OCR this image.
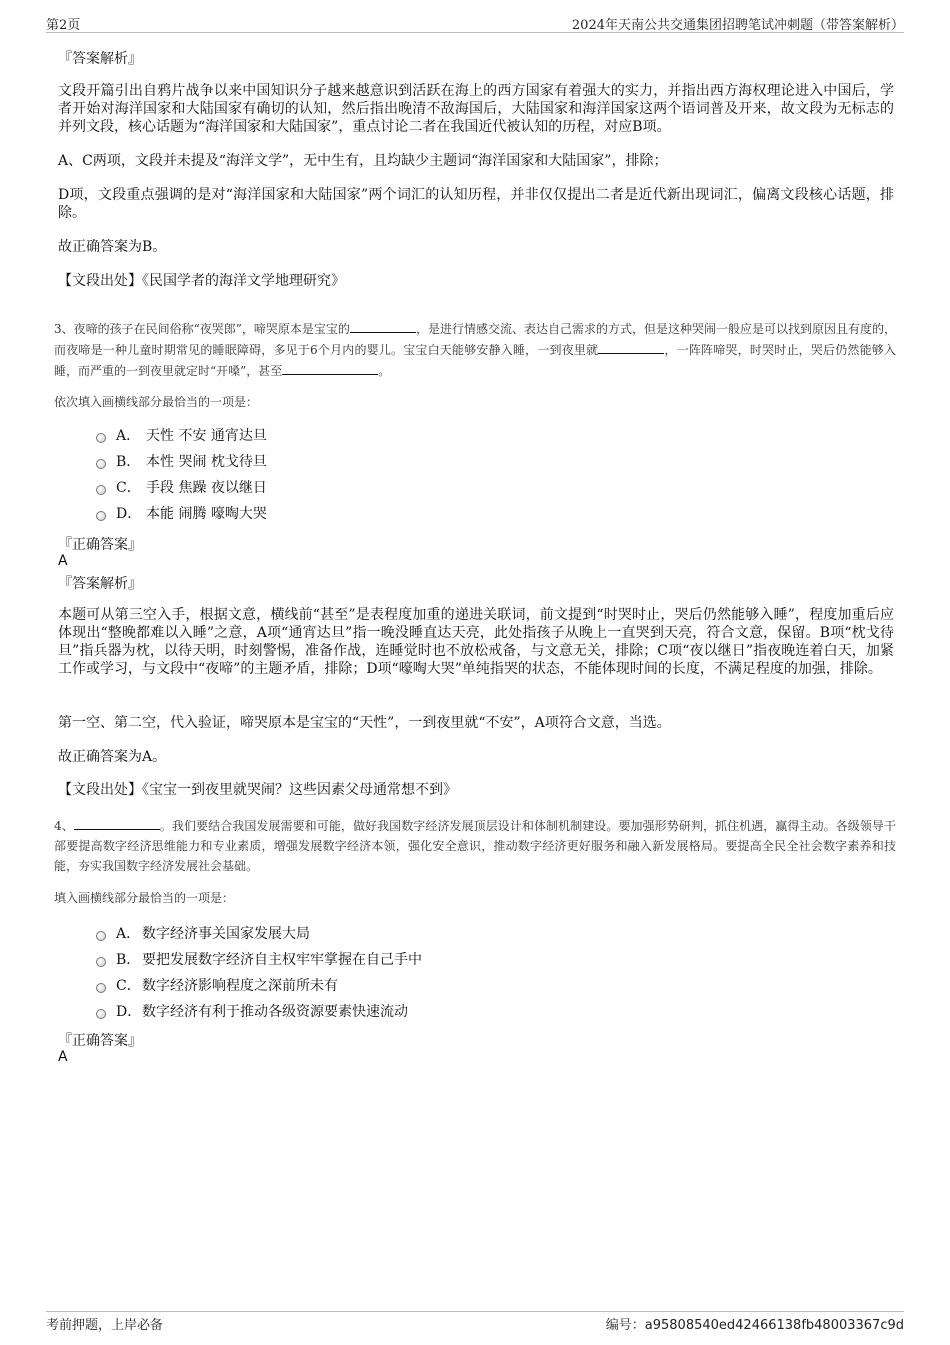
第2页	2024年天南公共交通集团招聘笔试冲刺题（带答案解析）
『答案解析』
文段开篇引出自鸦片战争以来中国知识分子越来越意识到活跃在海上的西方国家有着强大的实力，并指出西方海权理论进入中国后，学者开始对海洋国家和大陆国家有确切的认知，然后指出晚清不敌海国后，大陆国家和海洋国家这两个语词普及开来，故文段为无标志的并列文段，核心话题为“海洋国家和大陆国家”，重点讨论二者在我国近代被认知的历程，对应B项。
A、C两项，文段并未提及“海洋文学”，无中生有，且均缺少主题词“海洋国家和大陆国家”，排除；
D项，文段重点强调的是对“海洋国家和大陆国家”两个词汇的认知历程，并非仅仅提出二者是近代新出现词汇，偏离文段核心话题，排除。
故正确答案为B。
【文段出处】《民国学者的海洋文学地理研究》
3、夜啼的孩子在民间俗称“夜哭郎”，啼哭原本是宝宝的	，是进行情感交流、表达自己需求的方式，但是这种哭闹一般应是可以找到原因且有度的，而夜啼是一种儿童时期常见的睡眠障碍，多见于6个月内的婴儿。宝宝白天能够安静入睡，一到夜里就	，一阵阵啼哭，时哭时止，哭后仍然能够入睡，而严重的一到夜里就定时“开嗓”，甚至	。
依次填入画横线部分最恰当的一项是：
A． 天性 不安 通宵达旦
B． 本性 哭闹 枕戈待旦
C． 手段 焦躁 夜以继日
D． 本能 闹腾 嚎啕大哭
『正确答案』
A
『答案解析』
本题可从第三空入手，根据文意，横线前“甚至”是表程度加重的递进关联词，前文提到“时哭时止，哭后仍然能够入睡”，程度加重后应体现出“整晚都难以入睡”之意，A项“通宵达旦”指一晚没睡直达天亮，此处指孩子从晚上一直哭到天亮，符合文意，保留。B项“枕戈待旦”指兵器为枕，以待天明，时刻警惕，准备作战，连睡觉时也不放松戒备，与文意无关，排除；C项“夜以继日”指夜晚连着白天，加紧工作或学习，与文段中“夜啼”的主题矛盾，排除；D项“嚎啕大哭”单纯指哭的状态，不能体现时间的长度，不满足程度的加强，排除。
第一空、第二空，代入验证，啼哭原本是宝宝的“天性”，一到夜里就“不安”，A项符合文意，当选。
故正确答案为A。
【文段出处】《宝宝一到夜里就哭闹？这些因素父母通常想不到》
4、	。我们要结合我国发展需要和可能，做好我国数字经济发展顶层设计和体制机制建设。要加强形势研判，抓住机遇，赢得主动。各级领导干部要提高数字经济思维能力和专业素质，增强发展数字经济本领，强化安全意识，推动数字经济更好服务和融入新发展格局。要提高全民全社会数字素养和技能，夯实我国数字经济发展社会基础。
填入画横线部分最恰当的一项是：
A． 数字经济事关国家发展大局
B． 要把发展数字经济自主权牢牢掌握在自己手中
C． 数字经济影响程度之深前所未有
D． 数字经济有利于推动各级资源要素快速流动
『正确答案』
A
考前押题，上岸必备	编号：a95808540ed42466138fb48003367c9d
